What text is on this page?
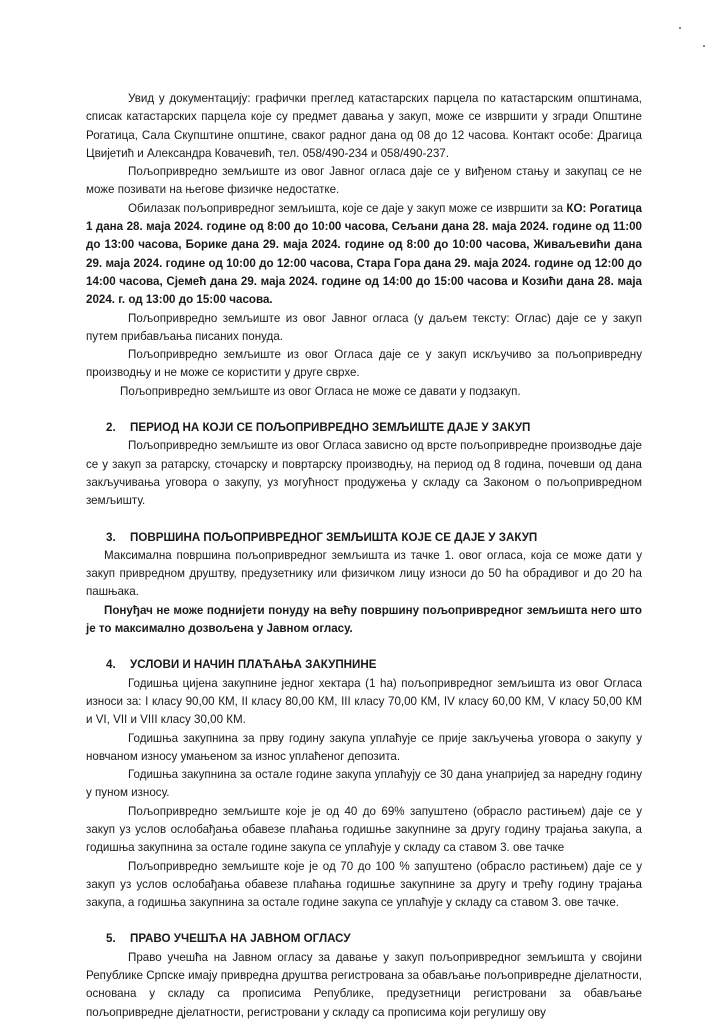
Увид у документацију: графички преглед катастарских парцела по катастарским општинама, списак катастарских парцела које су предмет давања у закуп, може се извршити у згради Општине Рогатица, Сала Скупштине општине, сваког радног дана од 08 до 12 часова. Контакт особе: Драгица Цвијетић и Александра Ковачевић, тел. 058/490-234 и 058/490-237.

Пољопривредно земљиште из овог Јавног огласа даје се у виђеном стању и закупац се не може позивати на његове физичке недостатке.

Обилазак пољопривредног земљишта, које се даје у закуп може се извршити за КО: Рогатица 1 дана 28. маја 2024. године од 8:00 до 10:00 часова, Сељани дана 28. маја 2024. године од 11:00 до 13:00 часова, Борике дана 29. маја 2024. године од 8:00 до 10:00 часова, Живаљевићи дана 29. маја 2024. године од 10:00 до 12:00 часова, Стара Гора дана 29. маја 2024. године од 12:00 до 14:00 часова, Сјемећ дана 29. маја 2024. године од 14:00 до 15:00 часова и Козићи дана 28. маја 2024. г. од 13:00 до 15:00 часова.

Пољопривредно земљиште из овог Јавног огласа (у даљем тексту: Оглас) даје се у закуп путем прибављања писаних понуда.

Пољопривредно земљиште из овог Огласа даје се у закуп искључиво за пољопривредну производњу и не може се користити у друге сврхе.

Пољопривредно земљиште из овог Огласа не може се давати у подзакуп.

2. ПЕРИОД НА КОЈИ СЕ ПОЉОПРИВРЕДНО ЗЕМЉИШТЕ ДАЈЕ У ЗАКУП

Пољопривредно земљиште из овог Огласа зависно од врсте пољопривредне производње даје се у закуп за ратарску, сточарску и повртарску производњу, на период од 8 година, почевши од дана закључивања уговора о закупу, уз могућност продужења у складу са Законом о пољопривредном земљишту.

3. ПОВРШИНА ПОЉОПРИВРЕДНОГ ЗЕМЉИШТА КОЈЕ СЕ ДАЈЕ У ЗАКУП

Максимална површина пољопривредног земљишта из тачке 1. овог огласа, која се може дати у закуп привредном друштву, предузетнику или физичком лицу износи до 50 ha обрадивог и до 20 ha пашњака.

Понуђач не може поднијети понуду на већу површину пољопривредног земљишта него што је то максимално дозвољена у Јавном огласу.

4. УСЛОВИ И НАЧИН ПЛАЋАЊА ЗАКУПНИНЕ

Годишња цијена закупнине једног хектара (1 ha) пољопривредног земљишта из овог Огласа износи за: I класу 90,00 КМ, II класу 80,00 КМ, III класу 70,00 КМ, IV класу 60,00 КМ, V класу 50,00 КМ и VI, VII и VIII класу 30,00 КМ.

Годишња закупнина за прву годину закупа уплаћује се прије закључења уговора о закупу у новчаном износу умањеном за износ уплаћеног депозита.

Годишња закупнина за остале године закупа уплаћују се 30 дана унапријед за наредну годину у пуном износу.

Пољопривредно земљиште које је од 40 до 69% запуштено (обрасло растињем) даје се у закуп уз услов ослобађања обавезе плаћања годишње закупнине за другу годину трајања закупа, а годишња закупнина за остале године закупа се уплаћује у складу са ставом 3. ове тачке

Пољопривредно земљиште које је од 70 до 100 % запуштено (обрасло растињем) даје се у закуп уз услов ослобађања обавезе плаћања годишње закупнине за другу и трећу годину трајања закупа, а годишња закупнина за остале године закупа се уплаћује у складу са ставом 3. ове тачке.

5. ПРАВО УЧЕШЋА НА ЈАВНОМ ОГЛАСУ

Право учешћа на Јавном огласу за давање у закуп пољопривредног земљишта у својини Републике Српске имају привредна друштва регистрована за обављање пољопривредне дјелатности, основана у складу са прописима Републике, предузетници регистровани за обављање пољопривредне дјелатности, регистровани у складу са прописима који регулишу ову
